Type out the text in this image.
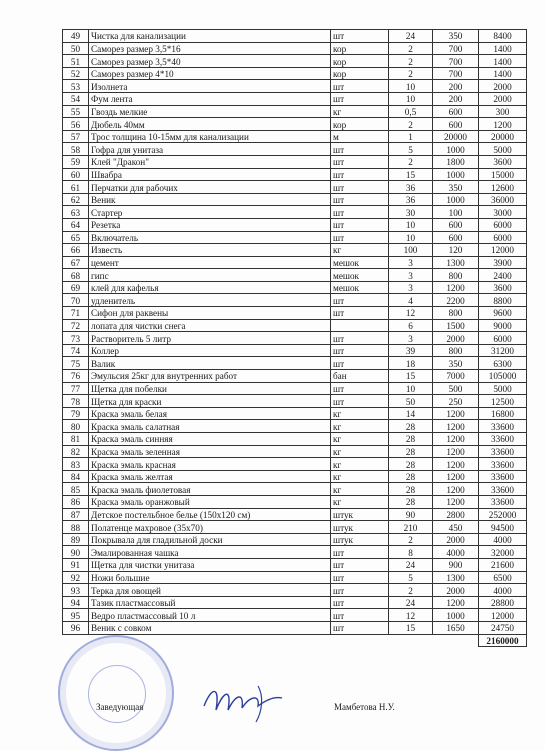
49	Чистка для канализации	шт	24	350	8400
50	Саморез размер 3,5*16	кор	2	700	1400
51	Саморез размер 3,5*40	кор	2	700	1400
52	Саморез размер 4*10	кор	2	700	1400
53	Изолнета	шт	10	200	2000
54	Фум лента	шт	10	200	2000
55	Гвоздь мелкие	кг	0,5	600	300
56	Дюбель 40мм	кор	2	600	1200
57	Трос толщина 10-15мм для канализации	м	1	20000	20000
58	Гофра для унитаза	шт	5	1000	5000
59	Клей "Дракон"	шт	2	1800	3600
60	Швабра	шт	15	1000	15000
61	Перчатки для рабочих	шт	36	350	12600
62	Веник	шт	36	1000	36000
63	Стартер	шт	30	100	3000
64	Резетка	шт	10	600	6000
65	Включатель	шт	10	600	6000
66	Известь	кг	100	120	12000
67	цемент	мешок	3	1300	3900
68	гипс	мешок	3	800	2400
69	клей для кафелья	мешок	3	1200	3600
70	удленитель	шт	4	2200	8800
71	Сифон для раквены	шт	12	800	9600
72	лопата для чистки снега		6	1500	9000
73	Растворитель 5 литр	шт	3	2000	6000
74	Коллер	шт	39	800	31200
75	Валик	шт	18	350	6300
76	Эмульсия 25кг для внутренних работ	бан	15	7000	105000
77	Щетка для побелки	шт	10	500	5000
78	Щетка для краски	шт	50	250	12500
79	Краска эмаль белая	кг	14	1200	16800
80	Краска эмаль салатная	кг	28	1200	33600
81	Краска эмаль синняя	кг	28	1200	33600
82	Краска эмаль зеленная	кг	28	1200	33600
83	Краска эмаль красная	кг	28	1200	33600
84	Краска эмаль желтая	кг	28	1200	33600
85	Краска эмаль фиолетовая	кг	28	1200	33600
86	Краска эмаль оранжовый	кг	28	1200	33600
87	Детское постельбное белье (150х120 см)	штук	90	2800	252000
88	Полатенце махровое (35х70)	штук	210	450	94500
89	Покрывала для гладильной доски	штук	2	2000	4000
90	Эмалированная чашка	шт	8	4000	32000
91	Щетка для чистки унитаза	шт	24	900	21600
92	Ножи большие	шт	5	1300	6500
93	Терка для овощей	шт	2	2000	4000
94	Тазик пластмассовый	шт	24	1200	28800
95	Ведро пластмассовый 10 л	шт	12	1000	12000
96	Веник с совком	шт	15	1650	24750
					2160000
Заведующая	Мамбетова Н.У.
